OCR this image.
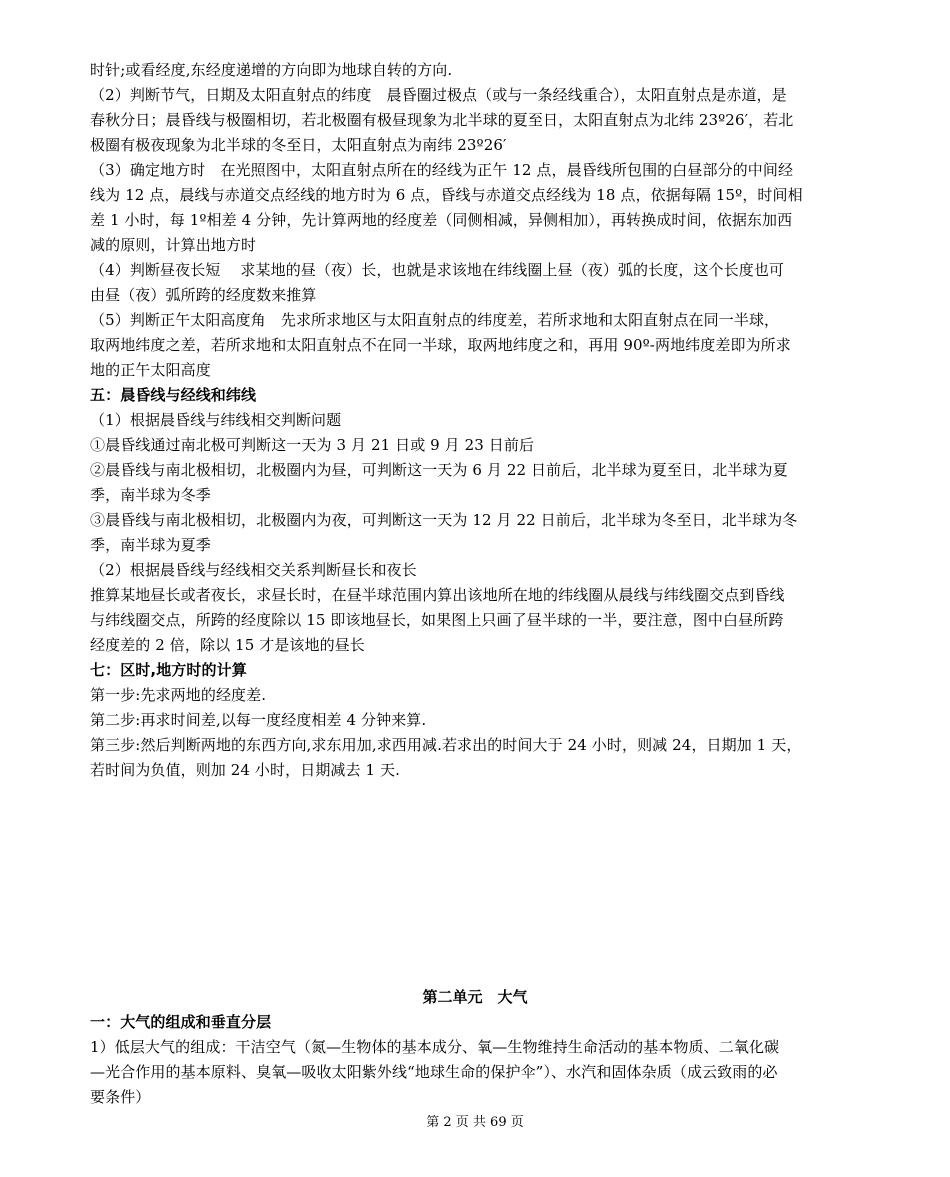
时针;或看经度,东经度递增的方向即为地球自转的方向.
（2）判断节气，日期及太阳直射点的纬度　晨昏圈过极点（或与一条经线重合），太阳直射点是赤道，是
春秋分日；晨昏线与极圈相切，若北极圈有极昼现象为北半球的夏至日，太阳直射点为北纬 23º26′，若北
极圈有极夜现象为北半球的冬至日，太阳直射点为南纬 23º26′
（3）确定地方时　在光照图中，太阳直射点所在的经线为正午 12 点，晨昏线所包围的白昼部分的中间经
线为 12 点，晨线与赤道交点经线的地方时为 6 点，昏线与赤道交点经线为 18 点，依据每隔 15º，时间相
差 1 小时，每 1º相差 4 分钟，先计算两地的经度差（同侧相减，异侧相加），再转换成时间，依据东加西
减的原则，计算出地方时
（4）判断昼夜长短　 求某地的昼（夜）长，也就是求该地在纬线圈上昼（夜）弧的长度，这个长度也可
由昼（夜）弧所跨的经度数来推算
（5）判断正午太阳高度角　先求所求地区与太阳直射点的纬度差，若所求地和太阳直射点在同一半球，
取两地纬度之差，若所求地和太阳直射点不在同一半球，取两地纬度之和，再用 90º-两地纬度差即为所求
地的正午太阳高度
五：晨昏线与经线和纬线
（1）根据晨昏线与纬线相交判断问题
①晨昏线通过南北极可判断这一天为 3 月 21 日或 9 月 23 日前后
②晨昏线与南北极相切，北极圈内为昼，可判断这一天为 6 月 22 日前后，北半球为夏至日，北半球为夏
季，南半球为冬季
③晨昏线与南北极相切，北极圈内为夜，可判断这一天为 12 月 22 日前后，北半球为冬至日，北半球为冬
季，南半球为夏季
（2）根据晨昏线与经线相交关系判断昼长和夜长
推算某地昼长或者夜长，求昼长时，在昼半球范围内算出该地所在地的纬线圈从晨线与纬线圈交点到昏线
与纬线圈交点，所跨的经度除以 15 即该地昼长，如果图上只画了昼半球的一半，要注意，图中白昼所跨
经度差的 2 倍，除以 15 才是该地的昼长
七：区时,地方时的计算
第一步:先求两地的经度差.
第二步:再求时间差,以每一度经度相差 4 分钟来算.
第三步:然后判断两地的东西方向,求东用加,求西用减.若求出的时间大于 24 小时，则减 24，日期加 1 天，
若时间为负值，则加 24 小时，日期减去 1 天.
第二单元　大气
一：大气的组成和垂直分层
1）低层大气的组成：干洁空气（氮—生物体的基本成分、氧—生物维持生命活动的基本物质、二氧化碳
—光合作用的基本原料、臭氧—吸收太阳紫外线“地球生命的保护伞”）、水汽和固体杂质（成云致雨的必
要条件）
第 2 页 共 69 页
